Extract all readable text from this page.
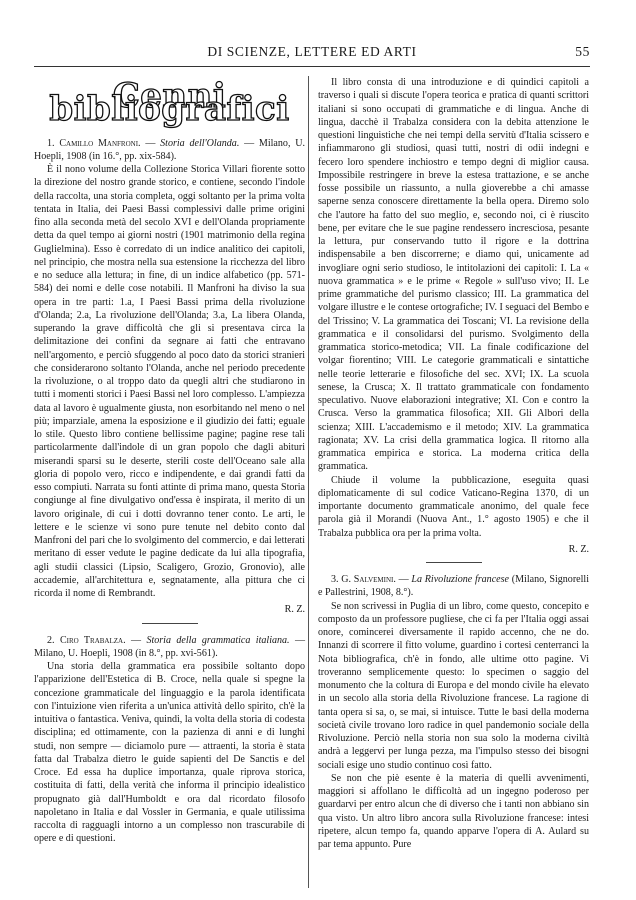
DI SCIENZE, LETTERE ED ARTI	55
Cenni bibliografici

1. Camillo Manfroni. — Storia dell'Olanda. — Milano, U. Hoepli, 1908 (in 16.°, pp. xix-584).

È il nono volume della Collezione Storica Villari fiorente sotto la direzione del nostro grande storico, e contiene, secondo l'indole della raccolta, una storia completa, oggi soltanto per la prima volta tentata in Italia, dei Paesi Bassi complessivi dalle prime origini fino alla seconda metà del secolo XVI e dell'Olanda propriamente detta da quel tempo ai giorni nostri (1901 matrimonio della regina Guglielmina). Esso è corredato di un indice analitico dei capitoli, nel principio, che mostra nella sua estensione la ricchezza del libro e no seduce alla lettura; in fine, di un indice alfabetico (pp. 571-584) dei nomi e delle cose notabili. Il Manfroni ha diviso la sua opera in tre parti: 1.a, I Paesi Bassi prima della rivoluzione d'Olanda; 2.a, La rivoluzione dell'Olanda; 3.a, La libera Olanda, superando la grave difficoltà che gli si presentava circa la delimitazione dei confini da segnare ai fatti che entravano nell'argomento, e perciò sfuggendo al poco dato da storici stranieri che considerarono soltanto l'Olanda, anche nel periodo precedente la rivoluzione, o al troppo dato da quegli altri che studiarono in tutti i momenti storici i Paesi Bassi nel loro complesso. L'ampiezza data al lavoro è ugualmente giusta, non esorbitando nel meno o nel più; imparziale, amena la esposizione e il giudizio dei fatti; eguale lo stile. Questo libro contiene bellissime pagine; pagine rese tali particolarmente dall'indole di un gran popolo che dagli abituri miserandi sparsi su le deserte, sterili coste dell'Oceano sale alla gloria di popolo vero, ricco e indipendente, e dai grandi fatti da esso compiuti. Narrata su fonti attinte di prima mano, questa Storia congiunge al fine divulgativo ond'essa è inspirata, il merito di un lavoro originale, di cui i dotti dovranno tener conto. Le arti, le lettere e le scienze vi sono pure tenute nel debito conto dal Manfroni del pari che lo svolgimento del commercio, e dai letterati meritano di esser vedute le pagine dedicate da lui alla tipografia, agli studii classici (Lipsio, Scaligero, Grozio, Gronovio), alle accademie, all'architettura e, segnatamente, alla pittura che ci ricorda il nome di Rembrandt.

R. Z.

2. Ciro Trabalza. — Storia della grammatica italiana. — Milano, U. Hoepli, 1908 (in 8.°, pp. xvi-561).

Una storia della grammatica era possibile soltanto dopo l'apparizione dell'Estetica di B. Croce, nella quale si spegne la concezione grammaticale del linguaggio e la parola identificata con l'intuizione vien riferita a un'unica attività dello spirito, ch'è la intuitiva o fantastica. Veniva, quindi, la volta della storia di codesta disciplina; ed ottimamente, con la pazienza di anni e di lunghi studi, non sempre — diciamolo pure — attraenti, la storia è stata fatta dal Trabalza dietro le guide sapienti del De Sanctis e del Croce. Ed essa ha duplice importanza, quale riprova storica, costituita di fatti, della verità che informa il principio idealistico propugnato già dall'Humboldt e ora dal ricordato filosofo napoletano in Italia e dal Vossler in Germania, e quale utilissima raccolta di ragguagli intorno a un complesso non trascurabile di opere e di questioni.

Il libro consta di una introduzione e di quindici capitoli a traverso i quali si discute l'opera teorica e pratica di quanti scrittori italiani si sono occupati di grammatiche e di lingua. Anche di lingua, dacchè il Trabalza considera con la debita attenzione le questioni linguistiche che nei tempi della servitù d'Italia scissero e infiammarono gli studiosi, quasi tutti, nostri di odii indegni e fecero loro spendere inchiostro e tempo degni di miglior causa. Impossibile restringere in breve la estesa trattazione, e se anche fosse possibile un riassunto, a nulla gioverebbe a chi amasse saperne senza conoscere direttamente la bella opera. Diremo solo che l'autore ha fatto del suo meglio, e, secondo noi, ci è riuscito bene, per evitare che le sue pagine rendessero increscìosa, pesante la lettura, pur conservando tutto il rigore e la dottrina indispensabile a ben discorrerne; e diamo qui, unicamente ad invogliare ogni serio studioso, le intitolazioni dei capitoli: I. La « nuova grammatica » e le prime « Regole » sull'uso vivo; II. Le prime grammatiche del purismo classico; III. La grammatica del volgare illustre e le contese ortografiche; IV. I seguaci del Bembo e del Trissino; V. La grammatica dei Toscani; VI. La revisione della grammatica e il consolidarsi del purismo. Svolgimento della grammatica storico-metodica; VII. La finale codificazione del volgar fiorentino; VIII. Le categorie grammaticali e sintattiche nelle teorie letterarie e filosofiche del sec. XVI; IX. La scuola senese, la Crusca; X. Il trattato grammaticale con fondamento speculativo. Nuove elaborazioni integrative; XI. Con e contro la Crusca. Verso la grammatica filosofica; XII. Gli Albori della scienza; XIII. L'accademismo e il metodo; XIV. La grammatica ragionata; XV. La crisi della grammatica logica. Il ritorno alla grammatica empirica e storica. La moderna critica della grammatica.

Chiude il volume la pubblicazione, eseguita quasi diplomaticamente di sul codice Vaticano-Regina 1370, di un importante documento grammaticale anonimo, del quale fece parola già il Morandi (Nuova Ant., 1.° agosto 1905) e che il Trabalza pubblica ora per la prima volta.

R. Z.

3. G. Salvemini. — La Rivoluzione francese (Milano, Signorelli e Pallestrini, 1908, 8.°).

Se non scrivessi in Puglia di un libro, come questo, concepito e composto da un professore pugliese, che ci fa per l'Italia oggi assai onore, comincerei diversamente il rapido accenno, che ne do. Innanzi di scorrere il fitto volume, guardino i cortesi centerranci la Nota bibliografica, ch'è in fondo, alle ultime otto pagine. Vi troveranno semplicemente questo: lo specimen o saggio del monumento che la coltura di Europa e del mondo civile ha elevato in un secolo alla storia della Rivoluzione francese. La ragione di tanta opera si sa, o, se mai, si intuisce. Tutte le basi della moderna società civile trovano loro radice in quel pandemonio sociale della Rivoluzione. Perciò nella storia non sua solo la moderna civiltà andrà a leggervi per lunga pezza, ma l'impulso stesso dei bisogni sociali esige uno studio continuo così fatto.

Se non che piè esente è la materia di quelli avvenimenti, maggiori si affollano le difficoltà ad un ingegno poderoso per guardarvi per entro alcun che di diverso che i tanti non abbiano sin qua visto. Un altro libro ancora sulla Rivoluzione francese: intesi ripetere, alcun tempo fa, quando apparve l'opera di A. Aulard su par tema appunto. Pure
